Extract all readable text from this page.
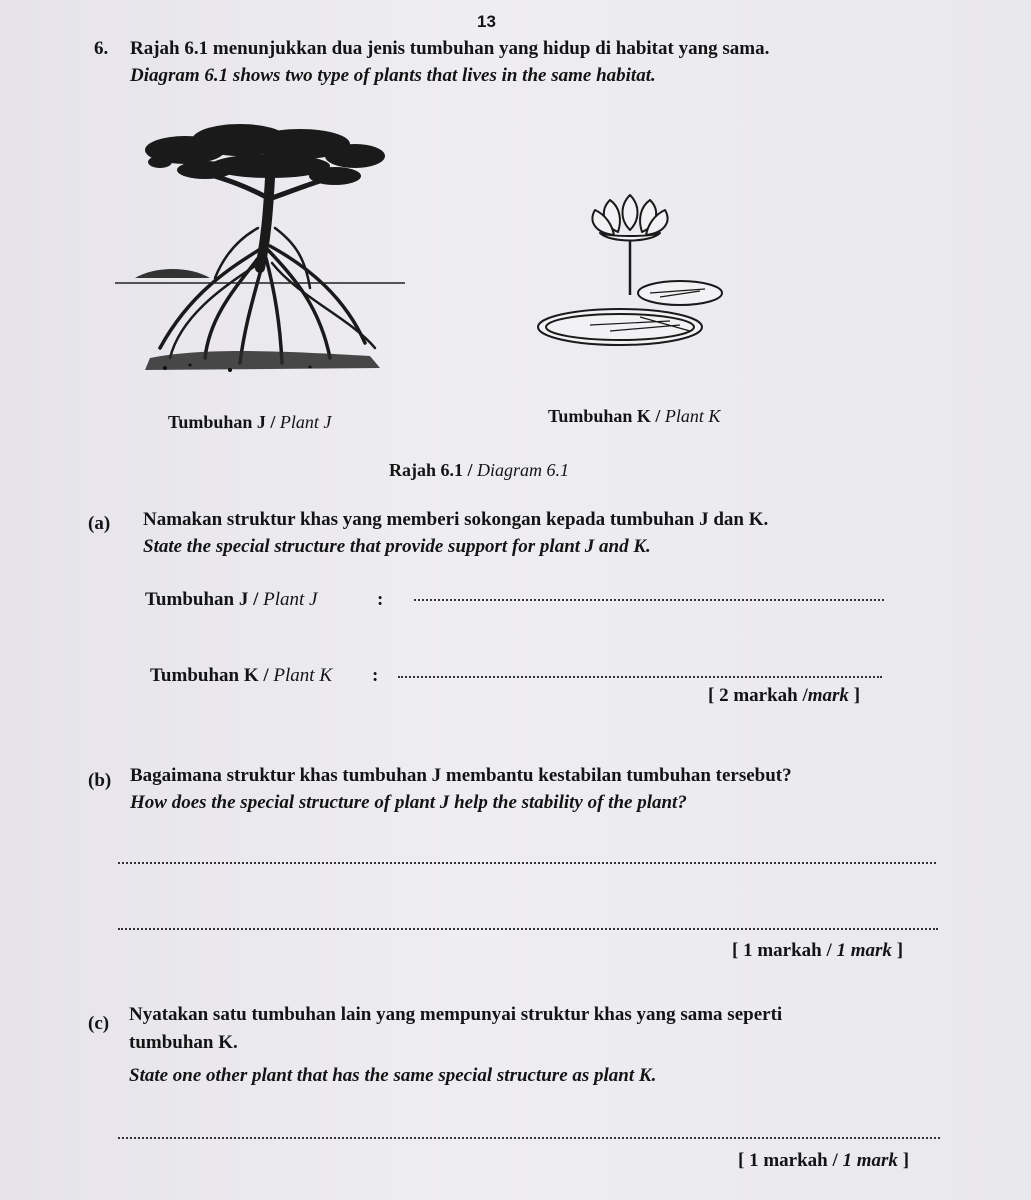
13
6. Rajah 6.1 menunjukkan dua jenis tumbuhan yang hidup di habitat yang sama.
Diagram 6.1 shows two type of plants that lives in the same habitat.
Tumbuhan J / Plant J	Tumbuhan K / Plant K
Rajah 6.1 / Diagram 6.1
(a) Namakan struktur khas yang memberi sokongan kepada tumbuhan J dan K.
State the special structure that provide support for plant J and K.
Tumbuhan J / Plant J	:
Tumbuhan K / Plant K :
[ 2 markah /mark ]
(b) Bagaimana struktur khas tumbuhan J membantu kestabilan tumbuhan tersebut?
How does the special structure of plant J help the stability of the plant?
[ 1 markah / 1 mark ]
(c) Nyatakan satu tumbuhan lain yang mempunyai struktur khas yang sama seperti
tumbuhan K.
State one other plant that has the same special structure as plant K.
[ 1 markah / 1 mark ]
